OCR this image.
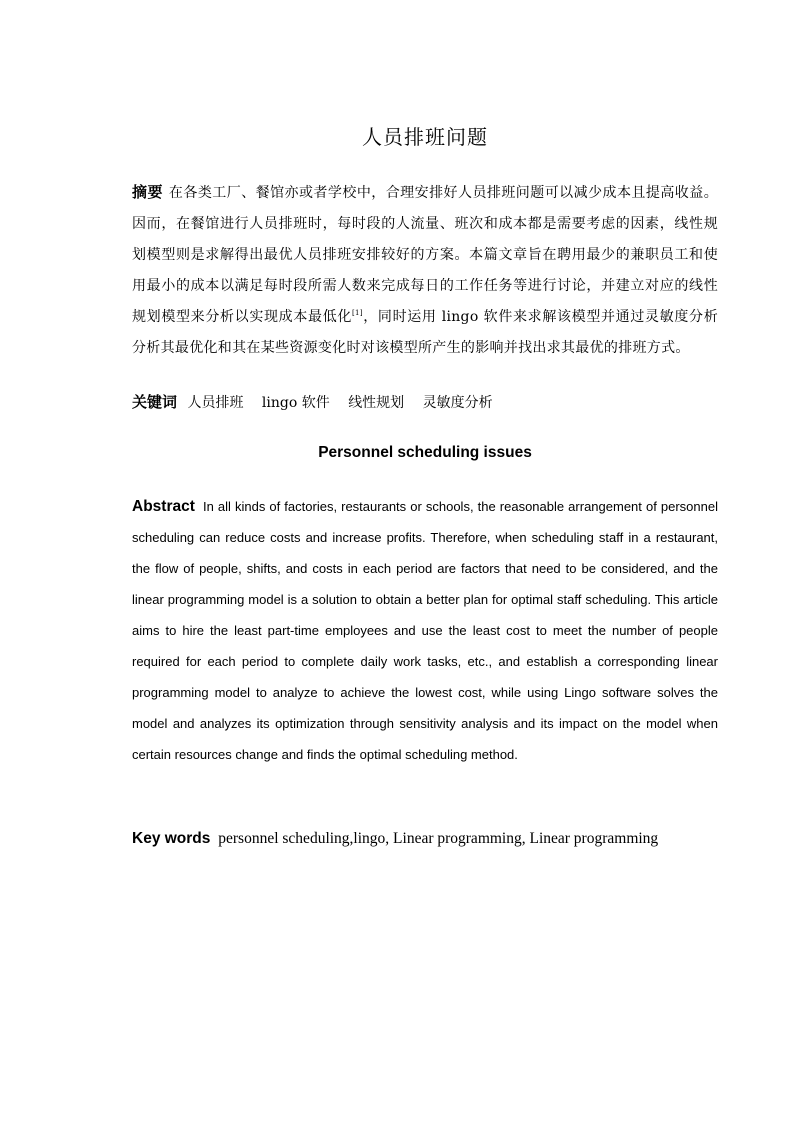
人员排班问题
摘要 在各类工厂、餐馆亦或者学校中，合理安排好人员排班问题可以减少成本且提高收益。因而，在餐馆进行人员排班时，每时段的人流量、班次和成本都是需要考虑的因素，线性规划模型则是求解得出最优人员排班安排较好的方案。本篇文章旨在聘用最少的兼职员工和使用最小的成本以满足每时段所需人数来完成每日的工作任务等进行讨论，并建立对应的线性规划模型来分析以实现成本最低化[1]，同时运用 lingo 软件来求解该模型并通过灵敏度分析分析其最优化和其在某些资源变化时对该模型所产生的影响并找出求其最优的排班方式。
关键词 人员排班 lingo 软件 线性规划 灵敏度分析
Personnel scheduling issues
Abstract In all kinds of factories, restaurants or schools, the reasonable arrangement of personnel scheduling can reduce costs and increase profits. Therefore, when scheduling staff in a restaurant, the flow of people, shifts, and costs in each period are factors that need to be considered, and the linear programming model is a solution to obtain a better plan for optimal staff scheduling. This article aims to hire the least part-time employees and use the least cost to meet the number of people required for each period to complete daily work tasks, etc., and establish a corresponding linear programming model to analyze to achieve the lowest cost, while using Lingo software solves the model and analyzes its optimization through sensitivity analysis and its impact on the model when certain resources change and finds the optimal scheduling method.
Key words personnel scheduling,lingo, Linear programming, Linear programming
